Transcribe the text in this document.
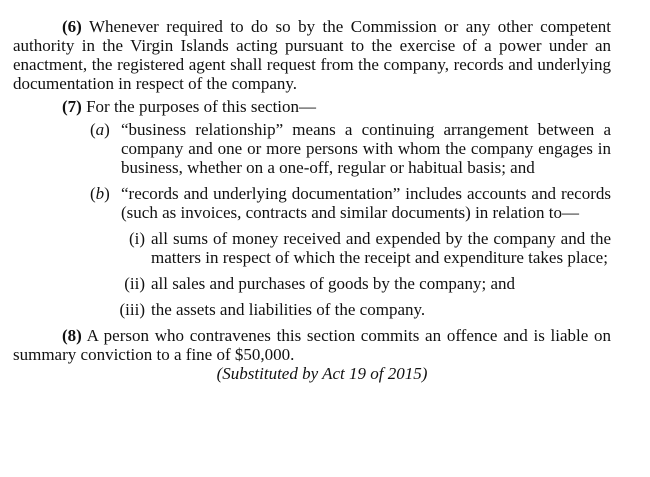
(6) Whenever required to do so by the Commission or any other competent authority in the Virgin Islands acting pursuant to the exercise of a power under an enactment, the registered agent shall request from the company, records and underlying documentation in respect of the company.

(7) For the purposes of this section—

(a) “business relationship” means a continuing arrangement between a company and one or more persons with whom the company engages in business, whether on a one-off, regular or habitual basis; and
(b) “records and underlying documentation” includes accounts and records (such as invoices, contracts and similar documents) in relation to—
(i) all sums of money received and expended by the company and the matters in respect of which the receipt and expenditure takes place;
(ii) all sales and purchases of goods by the company; and
(iii) the assets and liabilities of the company.

(8) A person who contravenes this section commits an offence and is liable on summary conviction to a fine of $50,000.

(Substituted by Act 19 of 2015)
